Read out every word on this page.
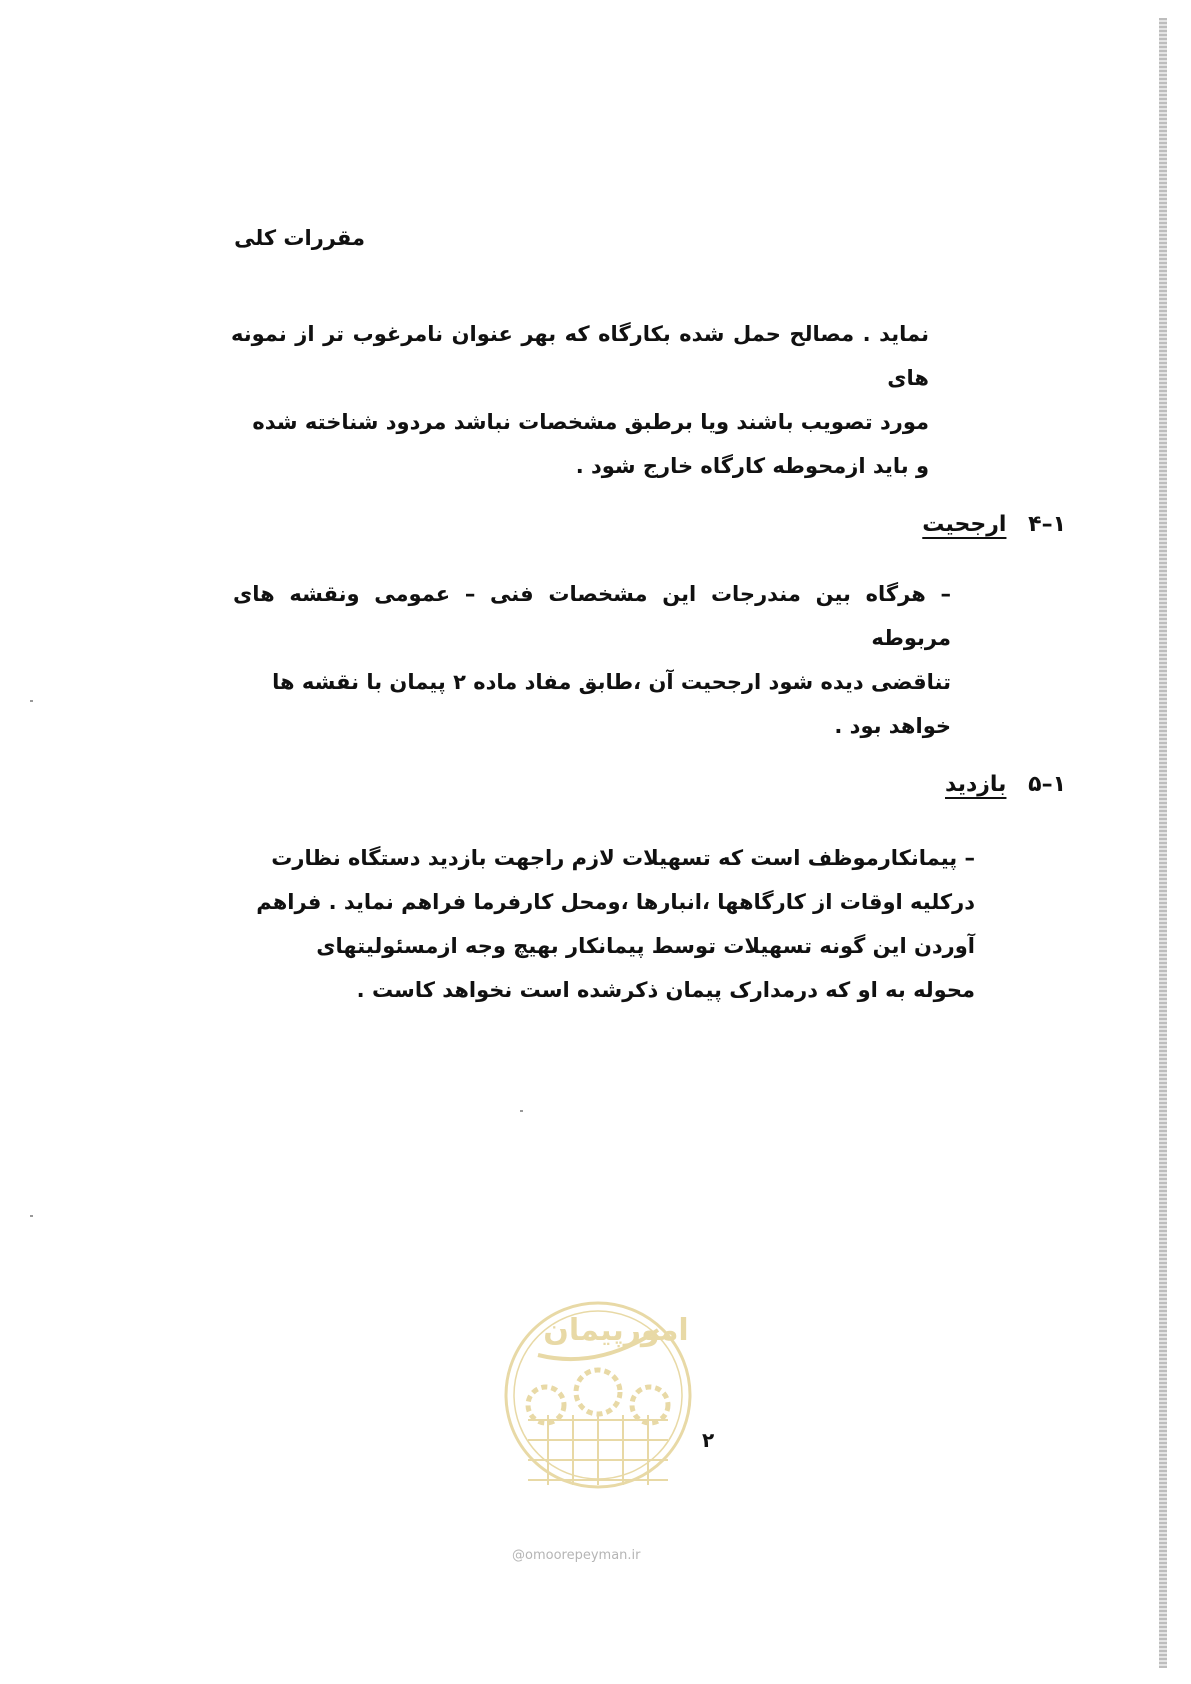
مقررات کلی

نماید . مصالح حمل شده بکارگاه که بهر عنوان نامرغوب تر از نمونه های

مورد تصویب باشند ویا برطبق مشخصات نباشد مردود شناخته شده

و باید ازمحوطه کارگاه خارج شود .

۱–۴ ارجحیت

– هرگاه بین مندرجات این مشخصات فنی – عمومی ونقشه های مربوطه

تناقضی دیده شود ارجحیت آن ،طابق مفاد ماده ۲ پیمان با نقشه ها

خواهد بود .

۱–۵ بازدید

– پیمانکارموظف است که تسهیلات لازم راجهت بازدید دستگاه نظارت

درکلیه اوقات از کارگاهها ،انبارها ،ومحل کارفرما فراهم نماید . فراهم

آوردن این گونه تسهیلات توسط پیمانکار بهیچ وجه ازمسئولیتهای

محوله به او که درمدارک پیمان ذکرشده است نخواهد کاست .

امورپیمان
@omoorepeyman.ir
۲
